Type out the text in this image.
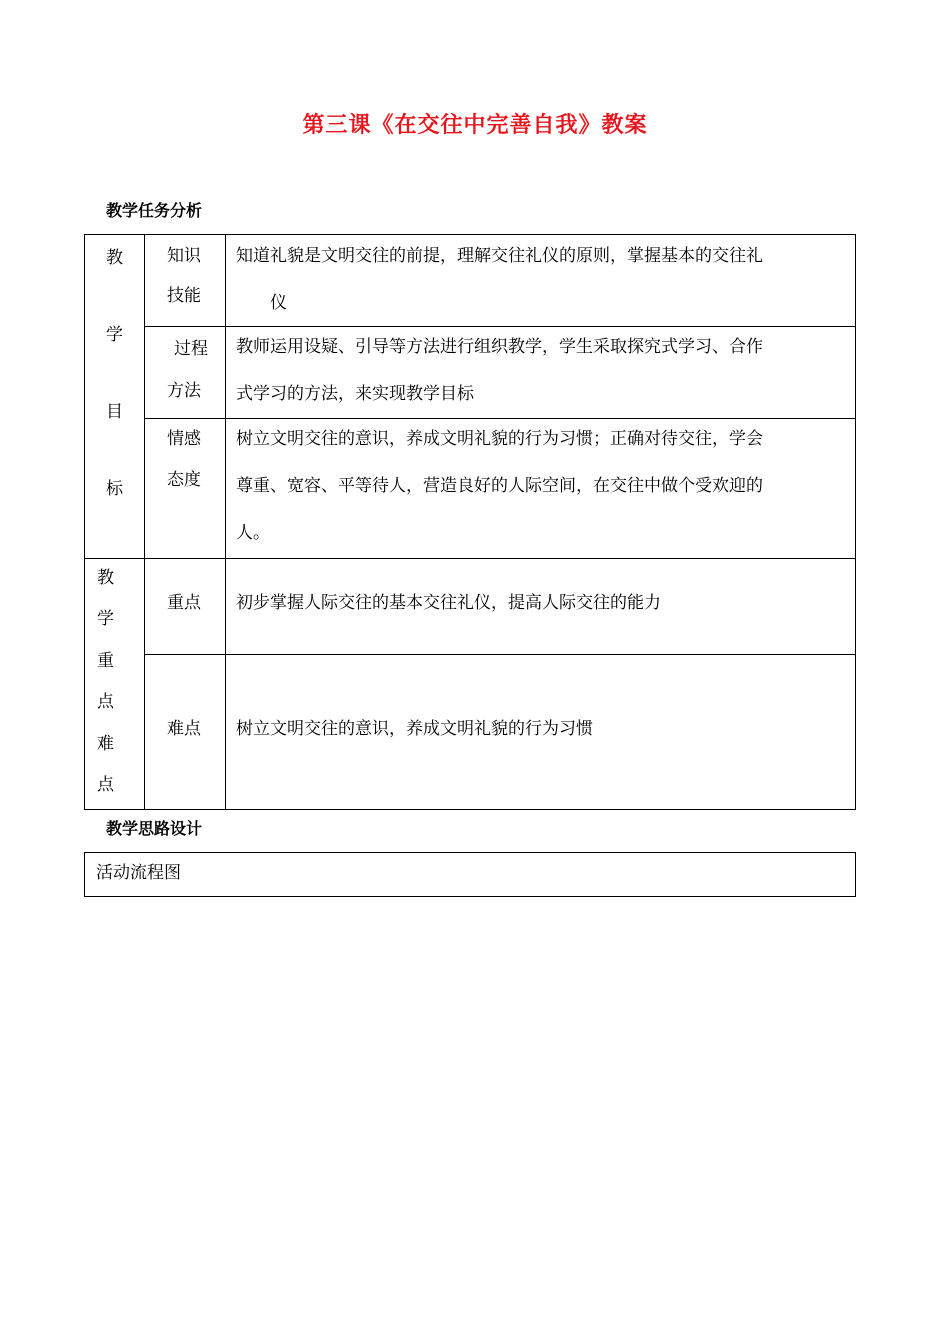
第三课《在交往中完善自我》教案
教学任务分析
教
学
目
标
教
学
重
点
难
点
知识
技能
过程
方法
情感
态度
重点
难点
知道礼貌是文明交往的前提，理解交往礼仪的原则，掌握基本的交往礼
仪
教师运用设疑、引导等方法进行组织教学，学生采取探究式学习、合作
式学习的方法，来实现教学目标
树立文明交往的意识，养成文明礼貌的行为习惯；正确对待交往，学会
尊重、宽容、平等待人，营造良好的人际空间，在交往中做个受欢迎的
人。
初步掌握人际交往的基本交往礼仪，提高人际交往的能力
树立文明交往的意识，养成文明礼貌的行为习惯
教学思路设计
活动流程图
